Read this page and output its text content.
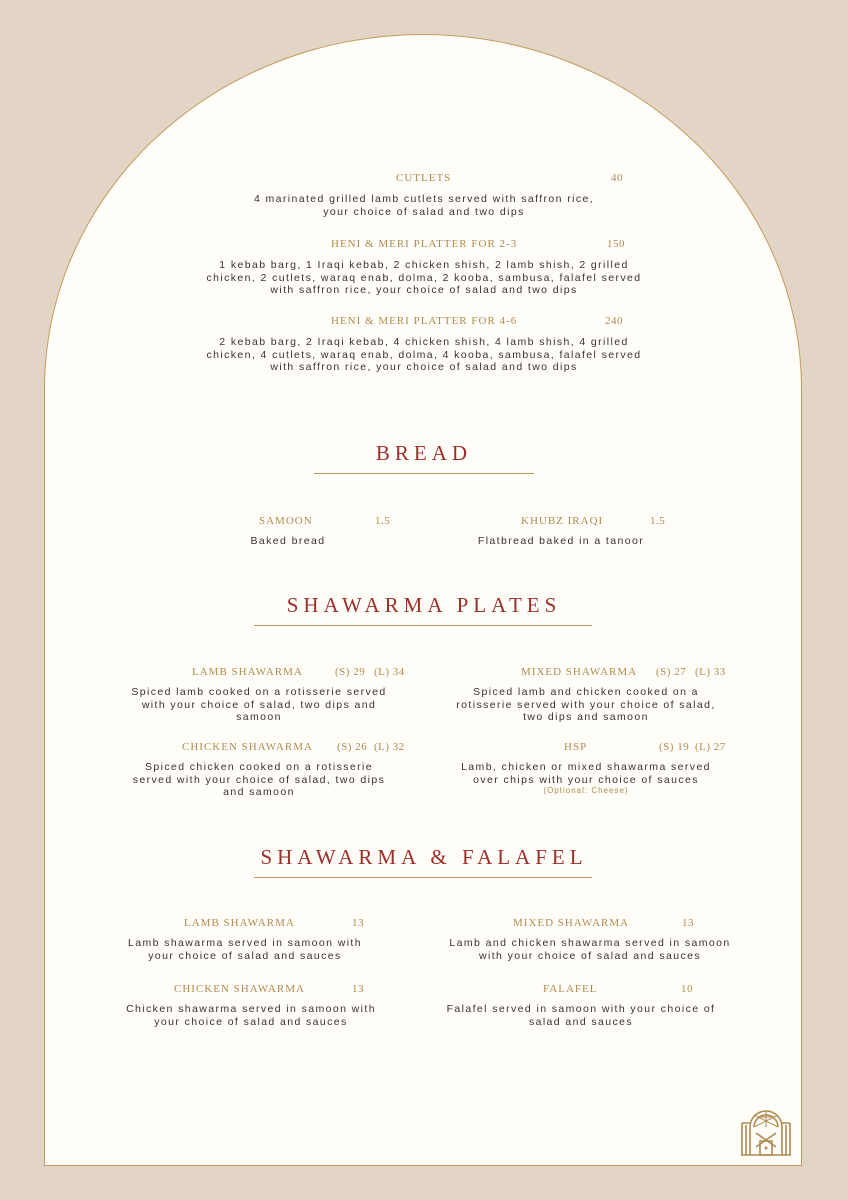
CUTLETS	40
4 marinated grilled lamb cutlets served with saffron rice, your choice of salad and two dips
HENI & MERI PLATTER FOR 2-3	150
1 kebab barg, 1 Iraqi kebab, 2 chicken shish, 2 lamb shish, 2 grilled chicken, 2 cutlets, waraq enab, dolma, 2 kooba, sambusa, falafel served with saffron rice, your choice of salad and two dips
HENI & MERI PLATTER FOR 4-6	240
2 kebab barg, 2 Iraqi kebab, 4 chicken shish, 4 lamb shish, 4 grilled chicken, 4 cutlets, waraq enab, dolma, 4 kooba, sambusa, falafel served with saffron rice, your choice of salad and two dips
BREAD
SAMOON	1.5
Baked bread
KHUBZ IRAQI	1.5
Flatbread baked in a tanoor
SHAWARMA PLATES
LAMB SHAWARMA	(S) 29 (L) 34
Spiced lamb cooked on a rotisserie served with your choice of salad, two dips and samoon
MIXED SHAWARMA (S) 27 (L) 33
Spiced lamb and chicken cooked on a rotisserie served with your choice of salad, two dips and samoon
CHICKEN SHAWARMA (S) 26 (L) 32
Spiced chicken cooked on a rotisserie served with your choice of salad, two dips and samoon
HSP	(S) 19 (L) 27
Lamb, chicken or mixed shawarma served over chips with your choice of sauces
(Optional: Cheese)
SHAWARMA & FALAFEL
LAMB SHAWARMA	13
Lamb shawarma served in samoon with your choice of salad and sauces
MIXED SHAWARMA	13
Lamb and chicken shawarma served in samoon with your choice of salad and sauces
CHICKEN SHAWARMA	13
Chicken shawarma served in samoon with your choice of salad and sauces
FALAFEL	10
Falafel served in samoon with your choice of salad and sauces
